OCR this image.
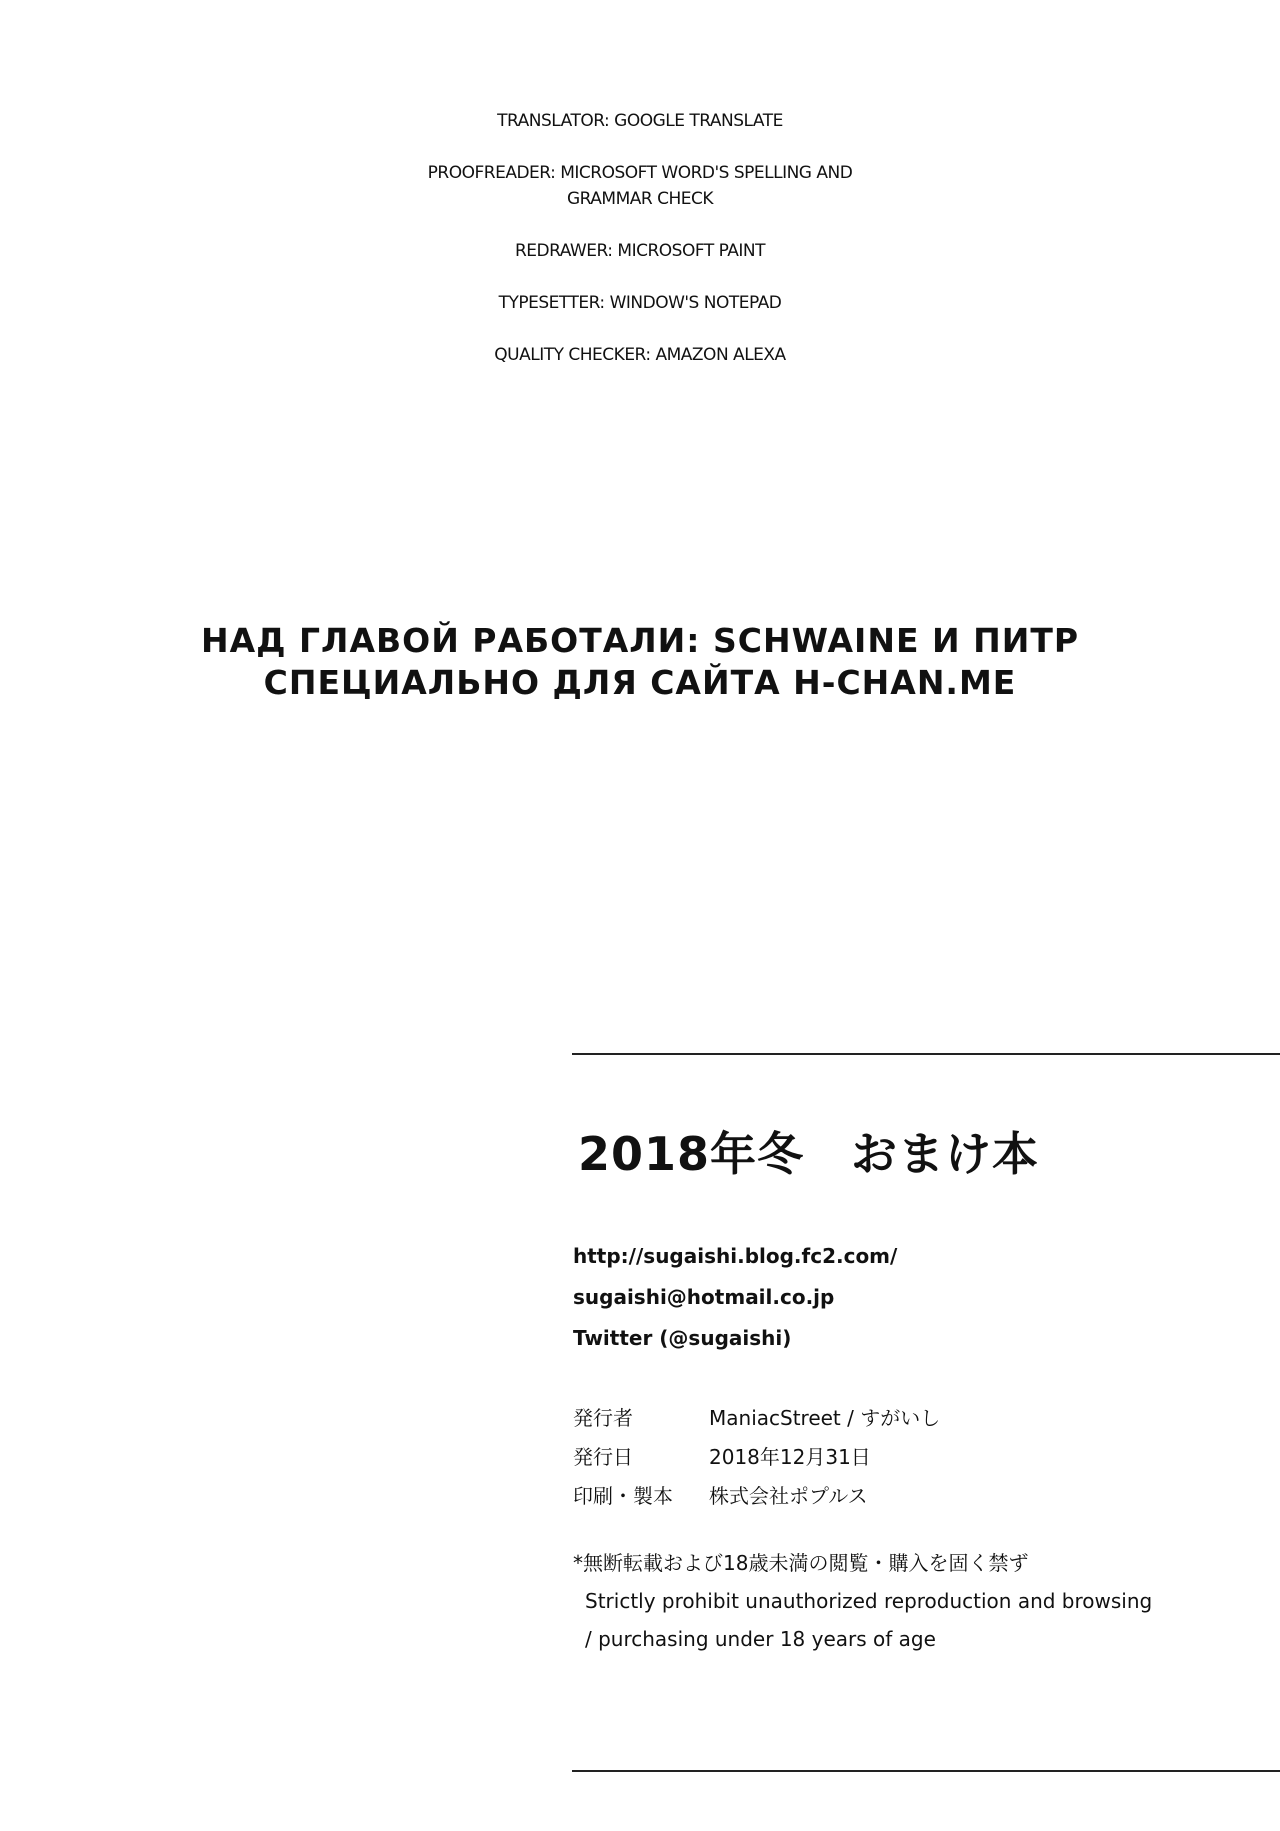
TRANSLATOR: GOOGLE TRANSLATE

PROOFREADER: MICROSOFT WORD'S SPELLING AND
GRAMMAR CHECK

REDRAWER: MICROSOFT PAINT

TYPESETTER: WINDOW'S NOTEPAD

QUALITY CHECKER: AMAZON ALEXA

НАД ГЛАВОЙ РАБОТАЛИ: SCHWAINE И ПИТР
СПЕЦИАЛЬНО ДЛЯ САЙТА H-CHAN.ME
2018年冬 おまけ本
http://sugaishi.blog.fc2.com/
sugaishi@hotmail.co.jp
Twitter (@sugaishi)
発行者	ManiacStreet / すがいし
発行日	2018年12月31日
印刷・製本	株式会社ポプルス
*無断転載および18歳未満の閲覧・購入を固く禁ず
Strictly prohibit unauthorized reproduction and browsing
/ purchasing under 18 years of age
